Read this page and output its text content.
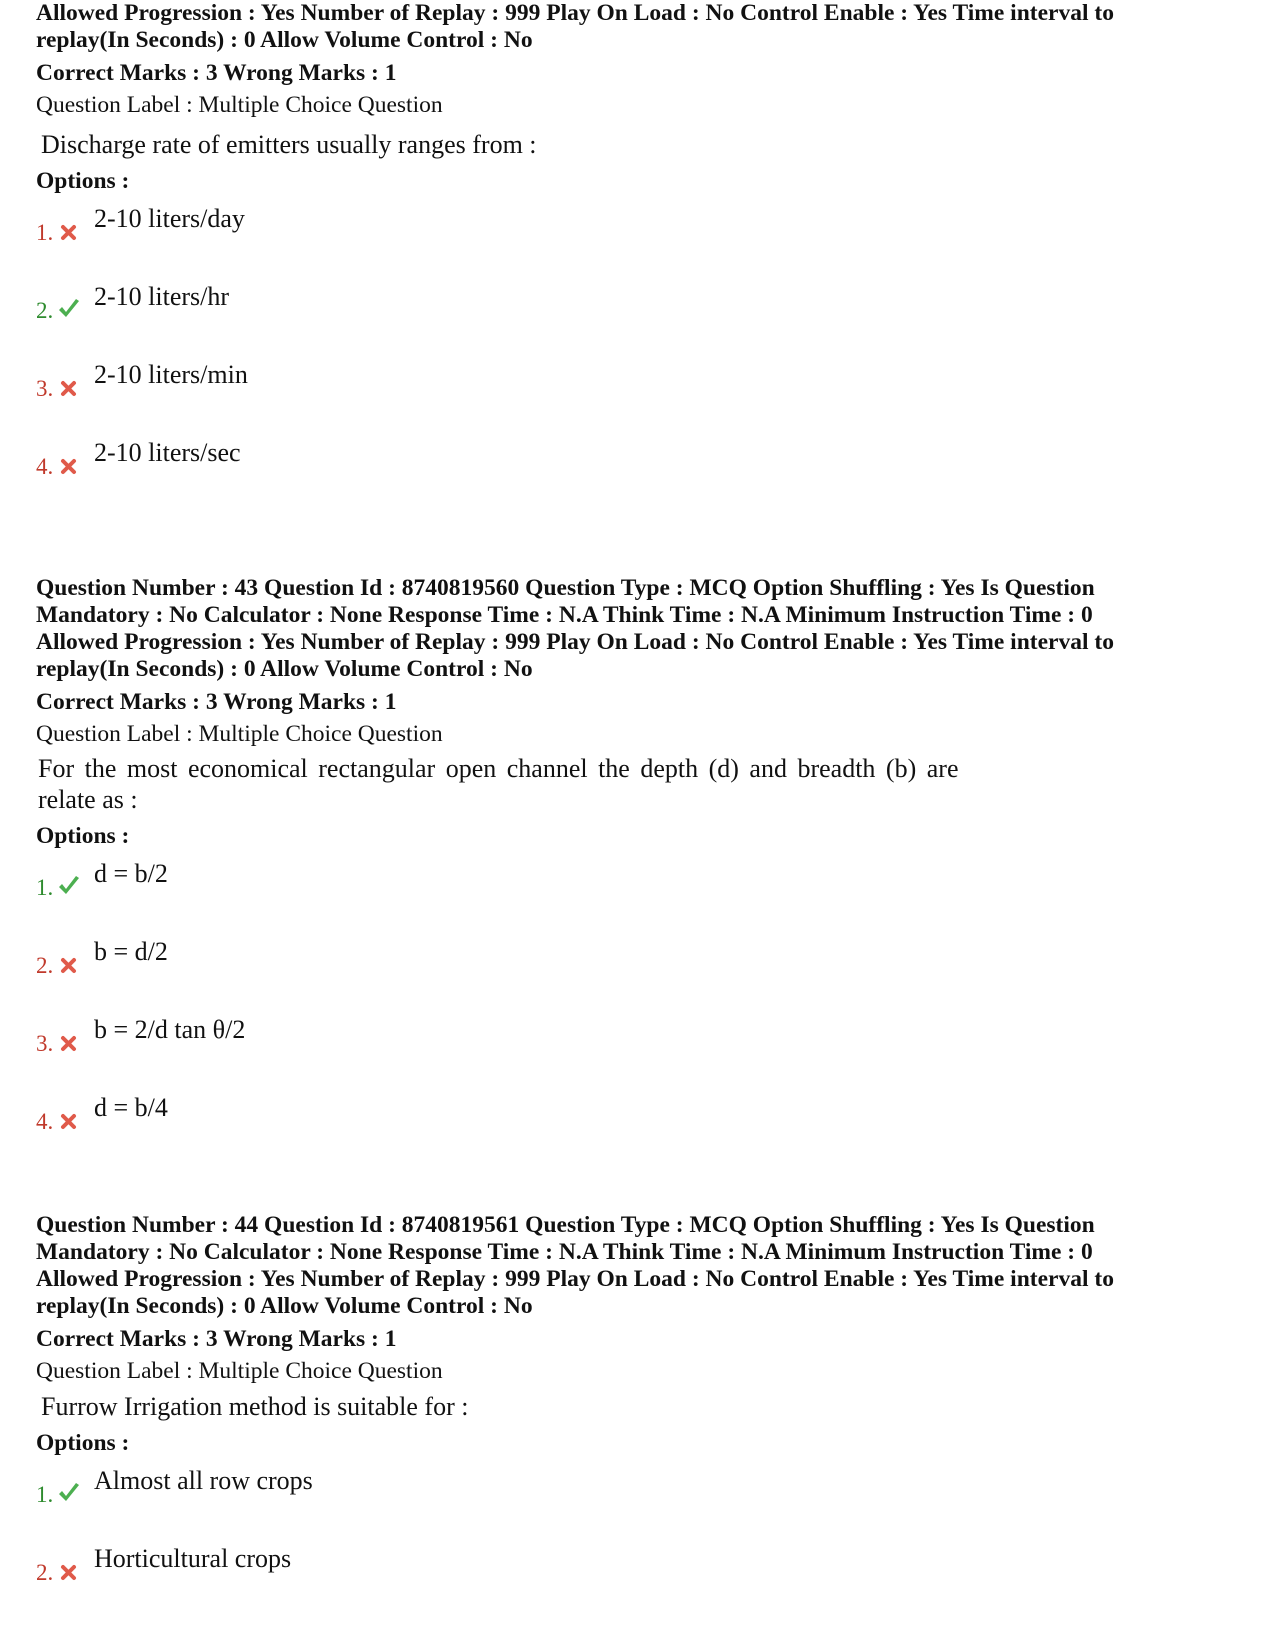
Allowed Progression : Yes Number of Replay : 999 Play On Load : No Control Enable : Yes Time interval to
replay(In Seconds) : 0 Allow Volume Control : No
Correct Marks : 3 Wrong Marks : 1
Question Label : Multiple Choice Question
Discharge rate of emitters usually ranges from :
Options :
1. 2-10 liters/day
2. 2-10 liters/hr
3. 2-10 liters/min
4. 2-10 liters/sec
Question Number : 43 Question Id : 8740819560 Question Type : MCQ Option Shuffling : Yes Is Question
Mandatory : No Calculator : None Response Time : N.A Think Time : N.A Minimum Instruction Time : 0
Allowed Progression : Yes Number of Replay : 999 Play On Load : No Control Enable : Yes Time interval to
replay(In Seconds) : 0 Allow Volume Control : No
Correct Marks : 3 Wrong Marks : 1
Question Label : Multiple Choice Question
For the most economical rectangular open channel the depth (d) and breadth (b) are
relate as :
Options :
1. d = b/2
2. b = d/2
3. b = 2/d tan θ/2
4. d = b/4
Question Number : 44 Question Id : 8740819561 Question Type : MCQ Option Shuffling : Yes Is Question
Mandatory : No Calculator : None Response Time : N.A Think Time : N.A Minimum Instruction Time : 0
Allowed Progression : Yes Number of Replay : 999 Play On Load : No Control Enable : Yes Time interval to
replay(In Seconds) : 0 Allow Volume Control : No
Correct Marks : 3 Wrong Marks : 1
Question Label : Multiple Choice Question
Furrow Irrigation method is suitable for :
Options :
1. Almost all row crops
2. Horticultural crops
